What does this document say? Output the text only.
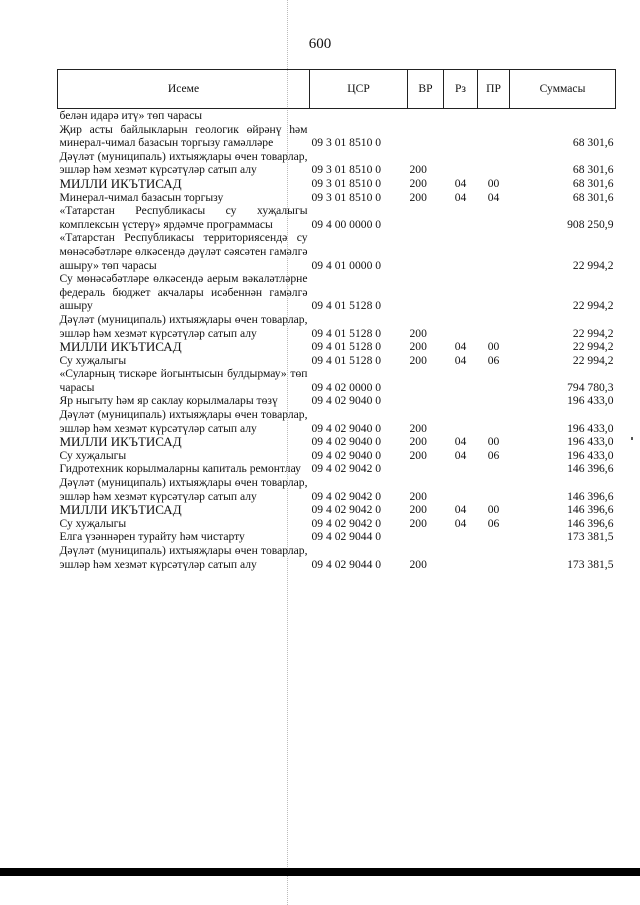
600
Исеме	ЦСР	ВР	Рз	ПР	Суммасы
белән идарә итү» төп чарасы					
Җир асты байлыкларын геологик өйрәнү һәм минерал-чимал базасын торгызу гамәлләре	09 3 01 8510 0				68 301,6
Дәүләт (муниципаль) ихтыяҗлары өчен товарлар, эшләр һәм хезмәт күрсәтүләр сатып алу	09 3 01 8510 0	200			68 301,6
МИЛЛИ ИКЪТИСАД	09 3 01 8510 0	200	04	00	68 301,6
Минерал-чимал базасын торгызу	09 3 01 8510 0	200	04	04	68 301,6
«Татарстан Республикасы су хуҗалыгы комплексын үстерү» ярдәмче программасы	09 4 00 0000 0				908 250,9
«Татарстан Республикасы территориясендә су мөнәсәбәтләре өлкәсендә дәүләт сәясәтен гамәлгә ашыру» төп чарасы	09 4 01 0000 0				22 994,2
Су мөнәсәбәтләре өлкәсендә аерым вәкаләтләрне федераль бюджет акчалары исәбеннән гамәлгә ашыру	09 4 01 5128 0				22 994,2
Дәүләт (муниципаль) ихтыяҗлары өчен товарлар, эшләр һәм хезмәт күрсәтүләр сатып алу	09 4 01 5128 0	200			22 994,2
МИЛЛИ ИКЪТИСАД	09 4 01 5128 0	200	04	00	22 994,2
Су хуҗалыгы	09 4 01 5128 0	200	04	06	22 994,2
«Суларның тискәре йогынтысын булдырмау» төп чарасы	09 4 02 0000 0				794 780,3
Яр ныгыту һәм яр саклау корылмалары төзү	09 4 02 9040 0				196 433,0
Дәүләт (муниципаль) ихтыяҗлары өчен товарлар, эшләр һәм хезмәт күрсәтүләр сатып алу	09 4 02 9040 0	200			196 433,0
МИЛЛИ ИКЪТИСАД	09 4 02 9040 0	200	04	00	196 433,0
Су хуҗалыгы	09 4 02 9040 0	200	04	06	196 433,0
Гидротехник корылмаларны капиталь ремонтлау	09 4 02 9042 0				146 396,6
Дәүләт (муниципаль) ихтыяҗлары өчен товарлар, эшләр һәм хезмәт күрсәтүләр сатып алу	09 4 02 9042 0	200			146 396,6
МИЛЛИ ИКЪТИСАД	09 4 02 9042 0	200	04	00	146 396,6
Су хуҗалыгы	09 4 02 9042 0	200	04	06	146 396,6
Елга үзәннәрен турайту һәм чистарту	09 4 02 9044 0				173 381,5
Дәүләт (муниципаль) ихтыяҗлары өчен товарлар, эшләр һәм хезмәт күрсәтүләр сатып алу	09 4 02 9044 0	200			173 381,5
